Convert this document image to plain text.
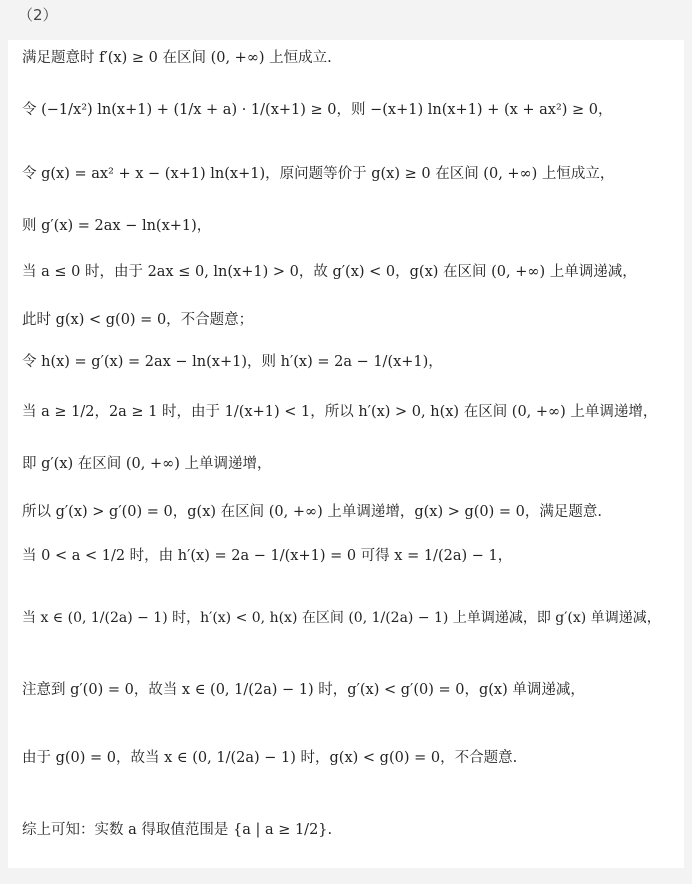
（2）
满足题意时 f′(x) ≥ 0 在区间 (0, +∞) 上恒成立.
令 (−1/x²) ln(x+1) + (1/x + a) · 1/(x+1) ≥ 0，则 −(x+1) ln(x+1) + (x + ax²) ≥ 0，
令 g(x) = ax² + x − (x+1) ln(x+1)，原问题等价于 g(x) ≥ 0 在区间 (0, +∞) 上恒成立，
则 g′(x) = 2ax − ln(x+1)，
当 a ≤ 0 时，由于 2ax ≤ 0, ln(x+1) > 0，故 g′(x) < 0，g(x) 在区间 (0, +∞) 上单调递减，
此时 g(x) < g(0) = 0，不合题意；
令 h(x) = g′(x) = 2ax − ln(x+1)，则 h′(x) = 2a − 1/(x+1)，
当 a ≥ 1/2，2a ≥ 1 时，由于 1/(x+1) < 1，所以 h′(x) > 0, h(x) 在区间 (0, +∞) 上单调递增，
即 g′(x) 在区间 (0, +∞) 上单调递增，
所以 g′(x) > g′(0) = 0，g(x) 在区间 (0, +∞) 上单调递增，g(x) > g(0) = 0，满足题意.
当 0 < a < 1/2 时，由 h′(x) = 2a − 1/(x+1) = 0 可得 x = 1/(2a) − 1，
当 x ∈ (0, 1/(2a) − 1) 时，h′(x) < 0, h(x) 在区间 (0, 1/(2a) − 1) 上单调递减，即 g′(x) 单调递减，
注意到 g′(0) = 0，故当 x ∈ (0, 1/(2a) − 1) 时，g′(x) < g′(0) = 0，g(x) 单调递减，
由于 g(0) = 0，故当 x ∈ (0, 1/(2a) − 1) 时，g(x) < g(0) = 0，不合题意.
综上可知：实数 a 得取值范围是 {a | a ≥ 1/2}.
